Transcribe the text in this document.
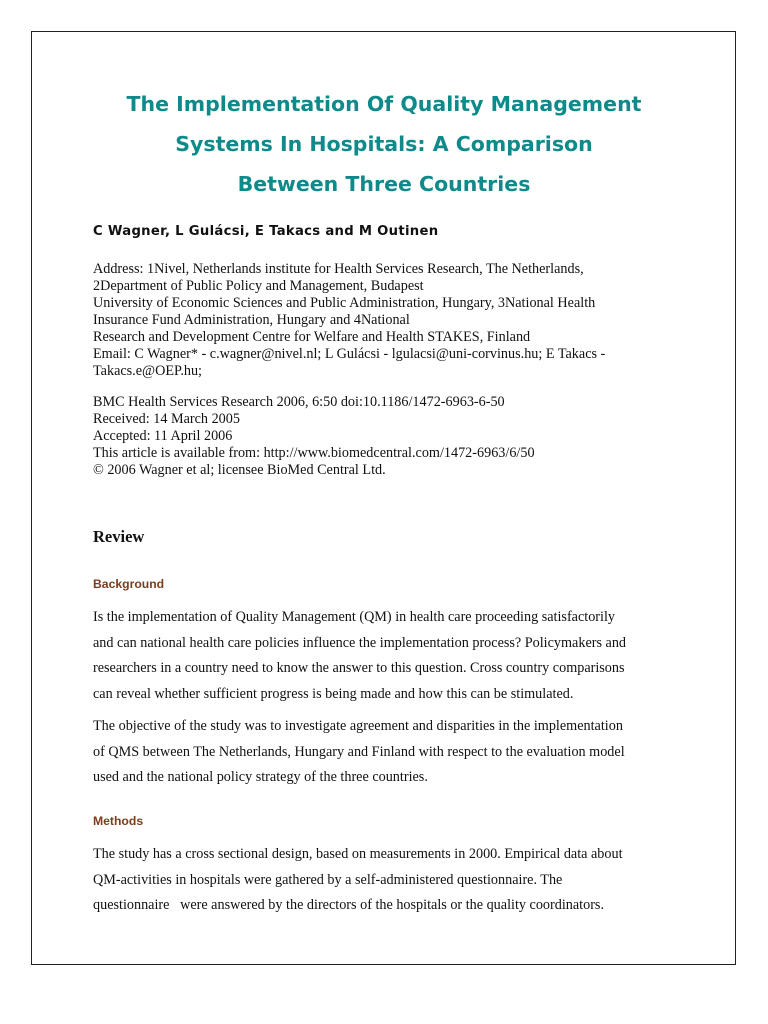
The Implementation Of Quality Management
Systems In Hospitals: A Comparison
Between Three Countries
C Wagner, L Gulácsi, E Takacs and M Outinen
Address: 1Nivel, Netherlands institute for Health Services Research, The Netherlands,
2Department of Public Policy and Management, Budapest
University of Economic Sciences and Public Administration, Hungary, 3National Health
Insurance Fund Administration, Hungary and 4National
Research and Development Centre for Welfare and Health STAKES, Finland
Email: C Wagner* - c.wagner@nivel.nl; L Gulácsi - lgulacsi@uni-corvinus.hu; E Takacs -
Takacs.e@OEP.hu;
BMC Health Services Research 2006, 6:50 doi:10.1186/1472-6963-6-50
Received: 14 March 2005
Accepted: 11 April 2006
This article is available from: http://www.biomedcentral.com/1472-6963/6/50
© 2006 Wagner et al; licensee BioMed Central Ltd.
Review
Background
Is the implementation of Quality Management (QM) in health care proceeding satisfactorily
and can national health care policies influence the implementation process? Policymakers and
researchers in a country need to know the answer to this question. Cross country comparisons
can reveal whether sufficient progress is being made and how this can be stimulated.
The objective of the study was to investigate agreement and disparities in the implementation
of QMS between The Netherlands, Hungary and Finland with respect to the evaluation model
used and the national policy strategy of the three countries.
Methods
The study has a cross sectional design, based on measurements in 2000. Empirical data about
QM-activities in hospitals were gathered by a self-administered questionnaire. The
questionnaire   were answered by the directors of the hospitals or the quality coordinators.
